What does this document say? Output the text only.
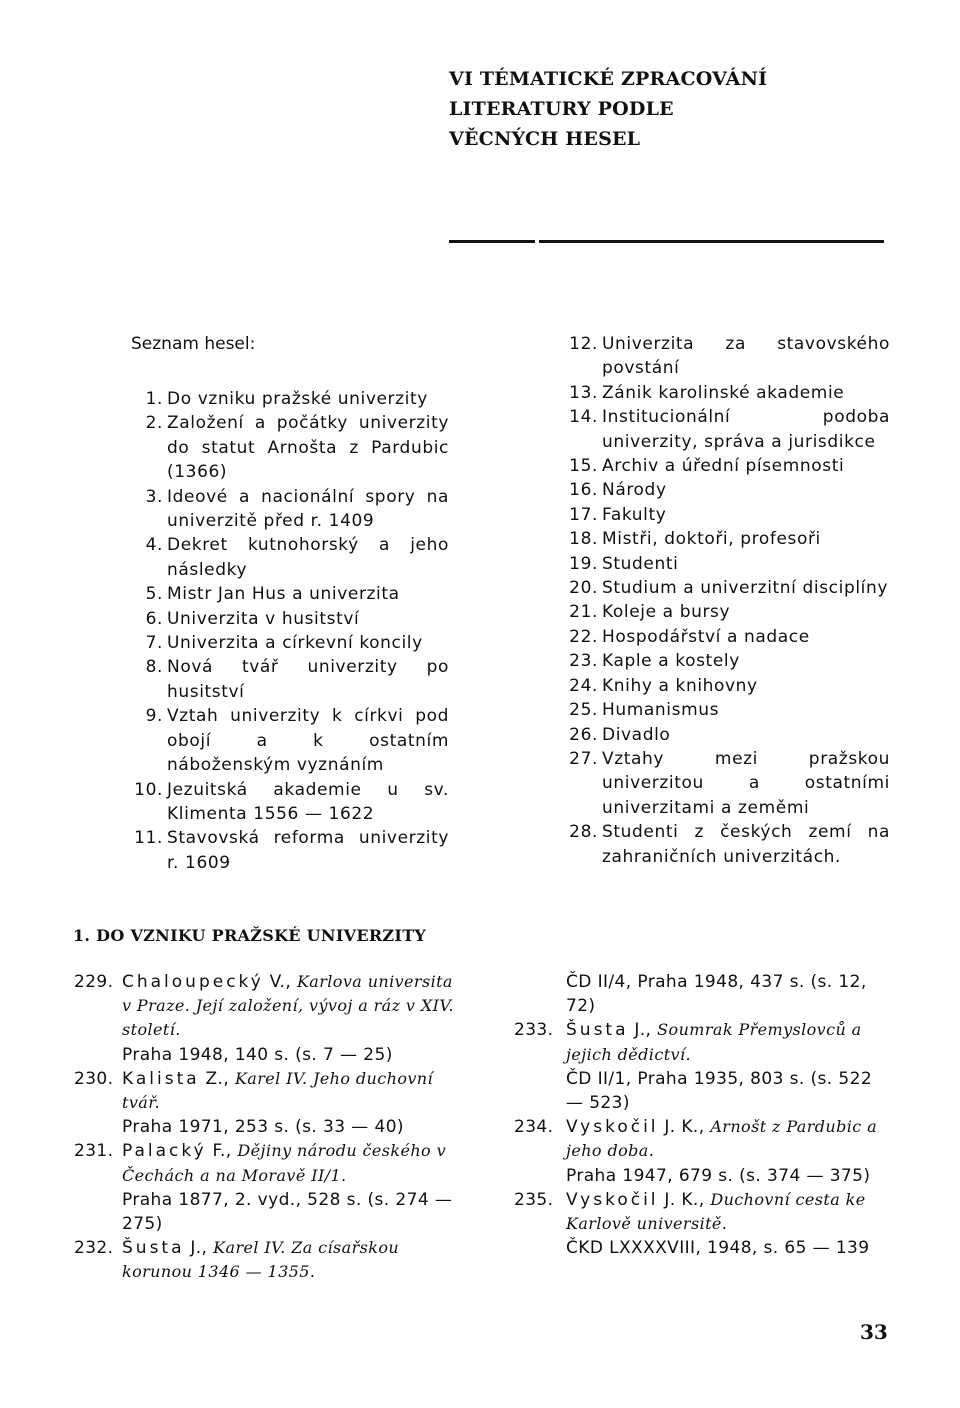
VI TÉMATICKÉ ZPRACOVÁNÍ
LITERATURY PODLE
VĚCNÝCH HESEL
Seznam hesel:
1. Do vzniku pražské univerzity
2. Založení a počátky univerzity do statut Arnošta z Pardubic (1366)
3. Ideové a nacionální spory na univerzitě před r. 1409
4. Dekret kutnohorský a jeho následky
5. Mistr Jan Hus a univerzita
6. Univerzita v husitství
7. Univerzita a církevní koncily
8. Nová tvář univerzity po husitství
9. Vztah univerzity k církvi pod obojí a k ostatním náboženským vyznáním
10. Jezuitská akademie u sv. Klimenta 1556 — 1622
11. Stavovská reforma univerzity r. 1609
12. Univerzita za stavovského povstání
13. Zánik karolinské akademie
14. Institucionální podoba univerzity, správa a jurisdikce
15. Archiv a úřední písemnosti
16. Národy
17. Fakulty
18. Mistři, doktoři, profesoři
19. Studenti
20. Studium a univerzitní disciplíny
21. Koleje a bursy
22. Hospodářství a nadace
23. Kaple a kostely
24. Knihy a knihovny
25. Humanismus
26. Divadlo
27. Vztahy mezi pražskou univerzitou a ostatními univerzitami a zeměmi
28. Studenti z českých zemí na zahraničních univerzitách.
1. DO VZNIKU PRAŽSKÉ UNIVERZITY
229. Chaloupecký V., Karlova universita v Praze. Její založení, vývoj a ráz v XIV. století.
Praha 1948, 140 s. (s. 7 — 25)
230. Kalista Z., Karel IV. Jeho duchovní tvář.
Praha 1971, 253 s. (s. 33 — 40)
231. Palacký F., Dějiny národu českého v Čechách a na Moravě II/1.
Praha 1877, 2. vyd., 528 s. (s. 274 — 275)
232. Šusta J., Karel IV. Za císařskou korunou 1346 — 1355.
ČD II/4, Praha 1948, 437 s. (s. 12, 72)
233. Šusta J., Soumrak Přemyslovců a jejich dědictví.
ČD II/1, Praha 1935, 803 s. (s. 522 — 523)
234. Vyskočil J. K., Arnošt z Pardubic a jeho doba.
Praha 1947, 679 s. (s. 374 — 375)
235. Vyskočil J. K., Duchovní cesta ke Karlově universitě.
ČKD LXXXXVIII, 1948, s. 65 — 139
33
